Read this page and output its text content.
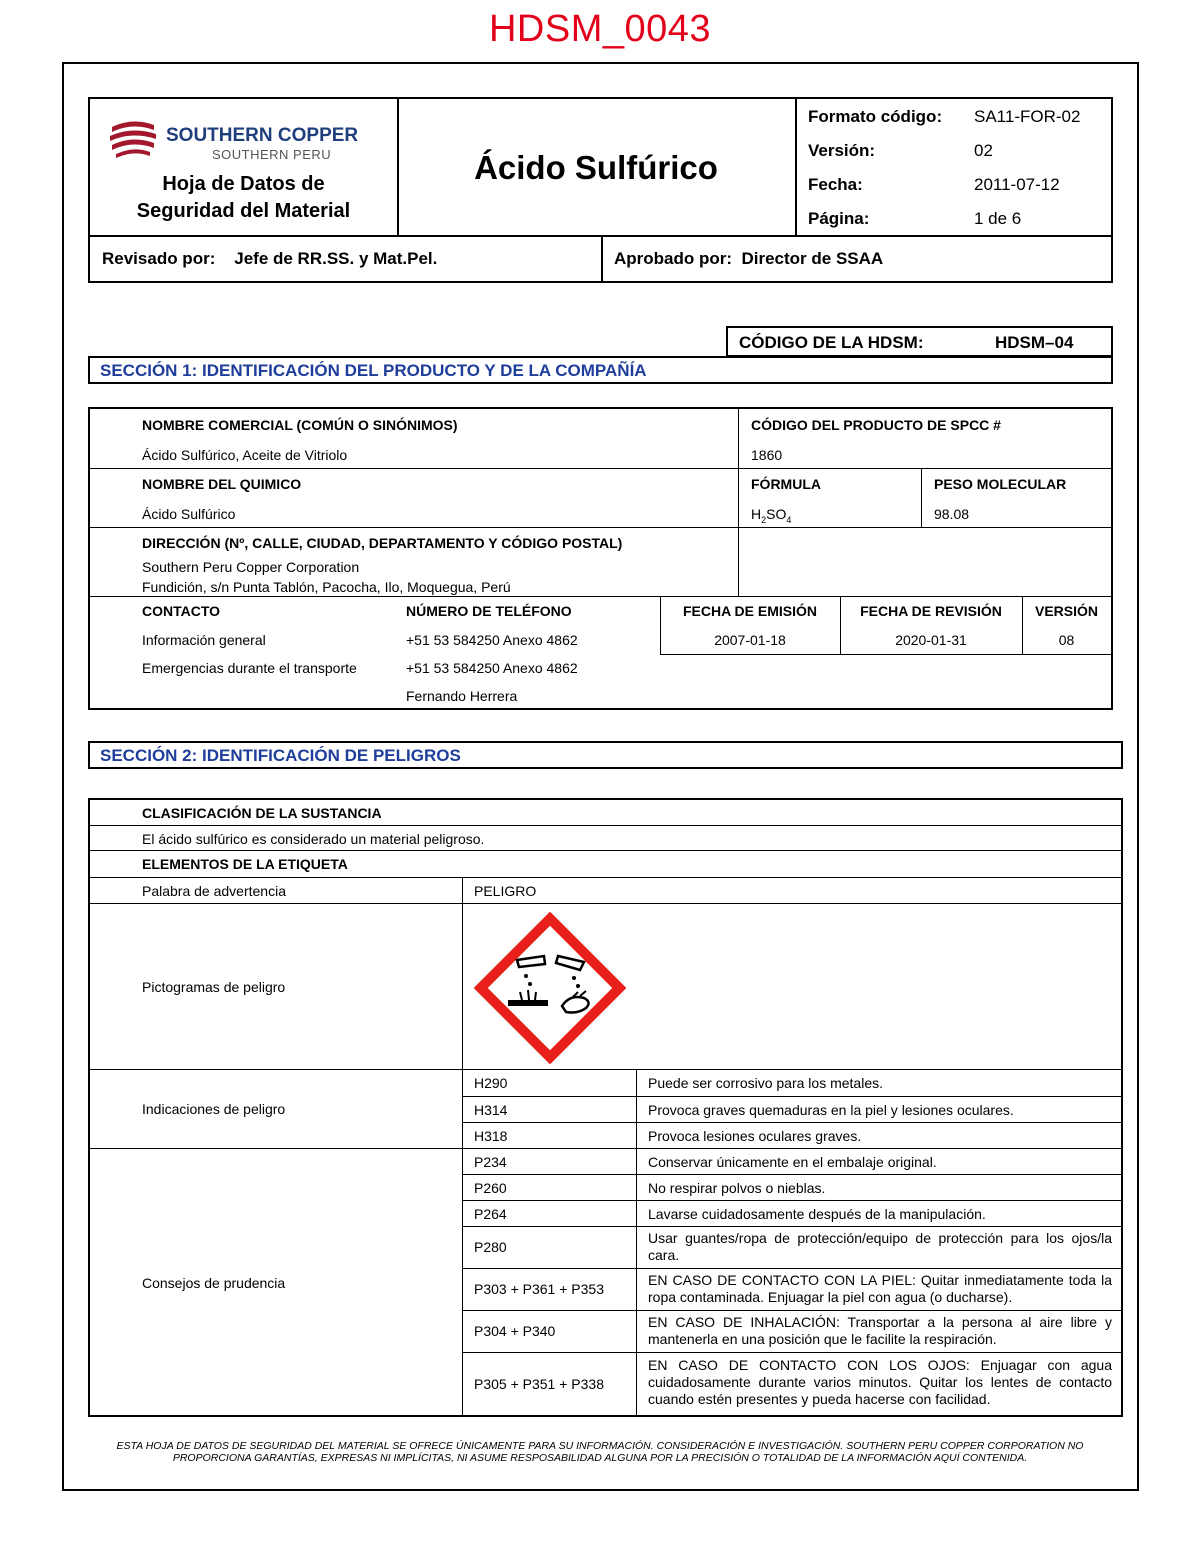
HDSM_0043
SOUTHERN COPPER
SOUTHERN PERU
Hoja de Datos de
Seguridad del Material
Ácido Sulfúrico
Formato código: SA11-FOR-02
Versión:	02
Fecha:	2011-07-12
Página:	1 de 6
Revisado por:    Jefe de RR.SS. y Mat.Pel.	Aprobado por:  Director de SSAA
CÓDIGO DE LA HDSM:	HDSM–04
SECCIÓN 1: IDENTIFICACIÓN DEL PRODUCTO Y DE LA COMPAÑÍA
NOMBRE COMERCIAL (COMÚN O SINÓNIMOS)
Ácido Sulfúrico, Aceite de Vitriolo
CÓDIGO DEL PRODUCTO DE SPCC #
1860
NOMBRE DEL QUIMICO
Ácido Sulfúrico
FÓRMULA
$H_2SO_4$
PESO MOLECULAR
98.08
DIRECCIÓN (Nº, CALLE, CIUDAD, DEPARTAMENTO Y CÓDIGO POSTAL)
Southern Peru Copper Corporation
Fundición, s/n Punta Tablón, Pacocha, Ilo, Moquegua, Perú
CONTACTO	NÚMERO DE TELÉFONO	FECHA DE EMISIÓN	FECHA DE REVISIÓN	VERSIÓN
Información general	+51 53 584250 Anexo 4862	2007-01-18	2020-01-31	08
Emergencias durante el transporte	+51 53 584250 Anexo 4862
Fernando Herrera
SECCIÓN 2: IDENTIFICACIÓN DE PELIGROS
CLASIFICACIÓN DE LA SUSTANCIA
El ácido sulfúrico es considerado un material peligroso.
ELEMENTOS DE LA ETIQUETA
Palabra de advertencia	PELIGRO
Pictogramas de peligro
Indicaciones de peligro
H290	Puede ser corrosivo para los metales.
H314	Provoca graves quemaduras en la piel y lesiones oculares.
H318	Provoca lesiones oculares graves.
Consejos de prudencia
P234	Conservar únicamente en el embalaje original.
P260	No respirar polvos o nieblas.
P264	Lavarse cuidadosamente después de la manipulación.
P280
Usar guantes/ropa de protección/equipo de protección para los ojos/la cara.
P303 + P361 + P353
EN CASO DE CONTACTO CON LA PIEL: Quitar inmediatamente toda la ropa contaminada. Enjuagar la piel con agua (o ducharse).
P304 + P340
EN CASO DE INHALACIÓN: Transportar a la persona al aire libre y mantenerla en una posición que le facilite la respiración.
P305 + P351 + P338
EN CASO DE CONTACTO CON LOS OJOS: Enjuagar con agua cuidadosamente durante varios minutos. Quitar los lentes de contacto cuando estén presentes y pueda hacerse con facilidad.
ESTA HOJA DE DATOS DE SEGURIDAD DEL MATERIAL SE OFRECE ÚNICAMENTE PARA SU INFORMACIÓN. CONSIDERACIÓN E INVESTIGACIÓN. SOUTHERN PERU COPPER CORPORATION NO PROPORCIONA GARANTÍAS, EXPRESAS NI IMPLÍCITAS, NI ASUME RESPOSABILIDAD ALGUNA POR LA PRECISIÓN O TOTALIDAD DE LA INFORMACIÓN AQUÍ CONTENIDA.
